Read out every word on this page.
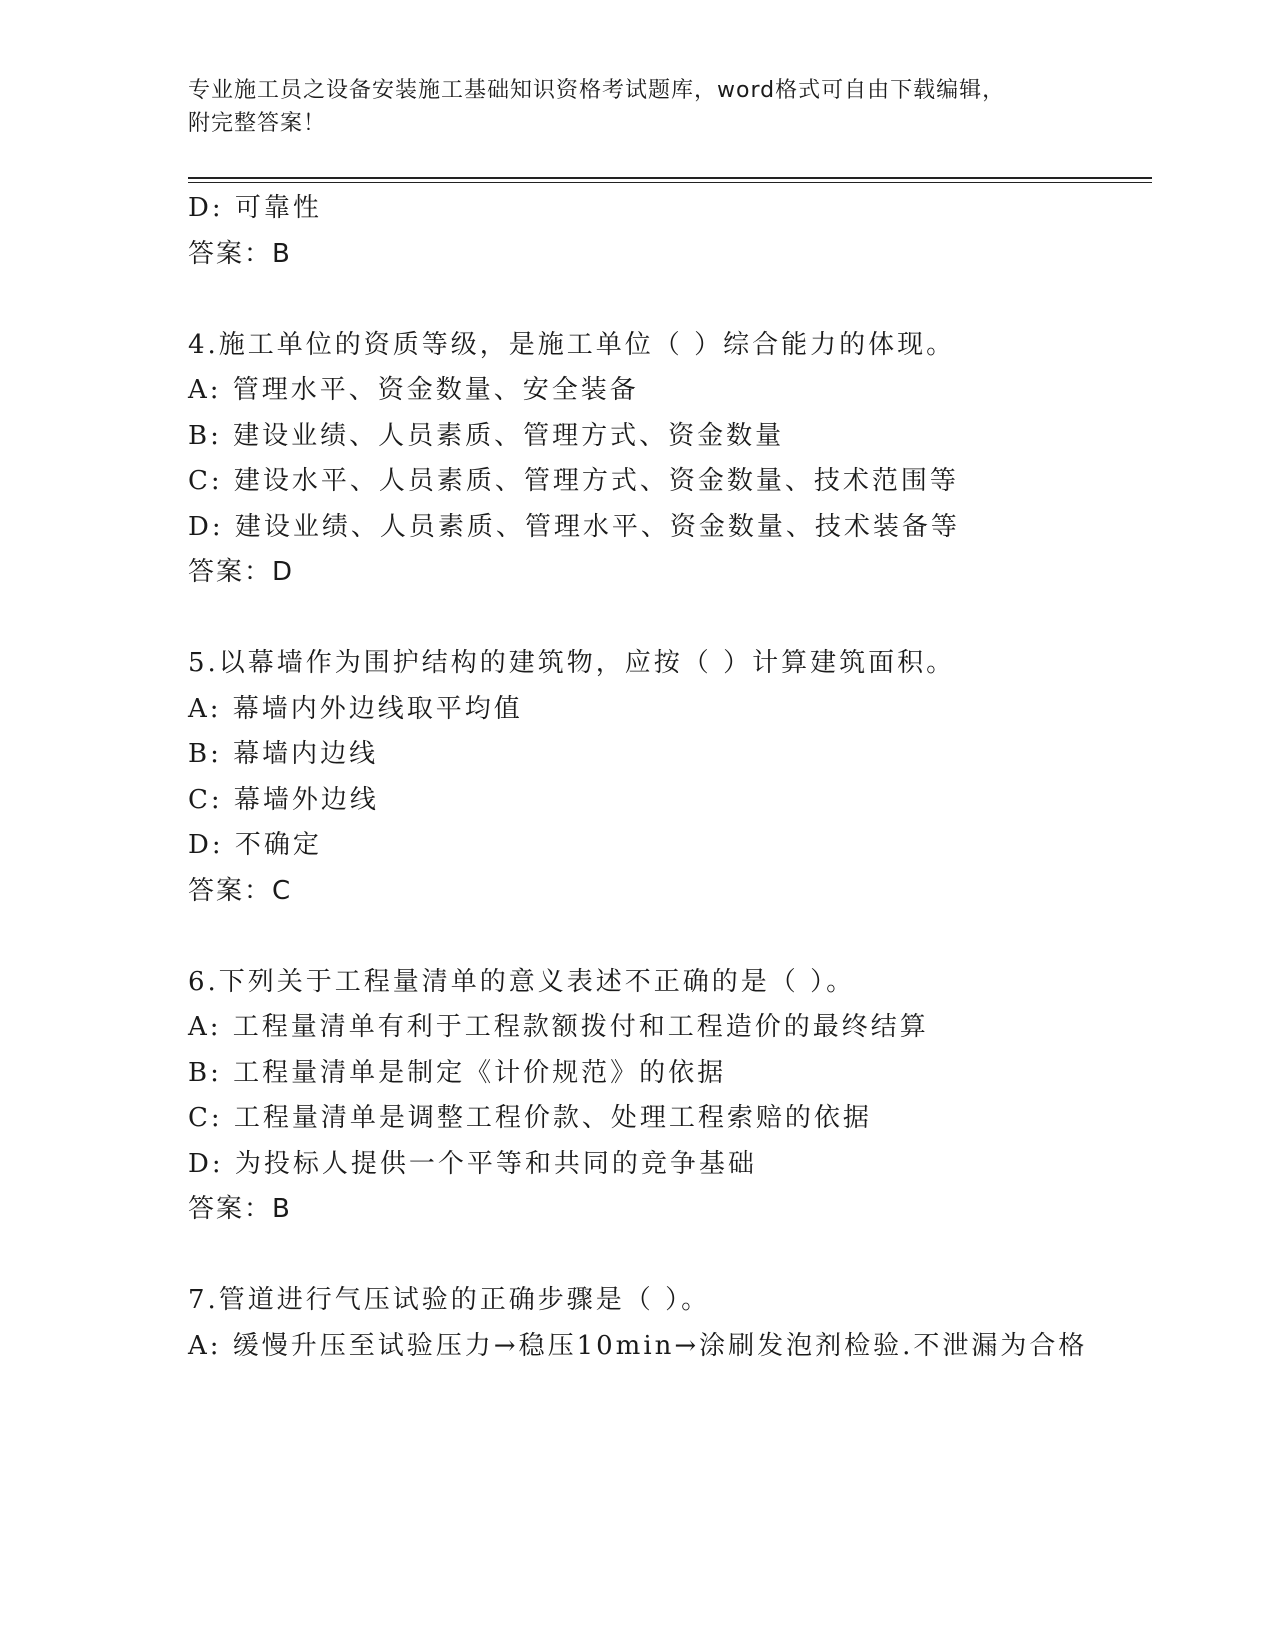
专业施工员之设备安装施工基础知识资格考试题库，word格式可自由下载编辑，
附完整答案！
D: 可靠性
答案：B
4.施工单位的资质等级，是施工单位（ ）综合能力的体现。
A: 管理水平、资金数量、安全装备
B: 建设业绩、人员素质、管理方式、资金数量
C: 建设水平、人员素质、管理方式、资金数量、技术范围等
D: 建设业绩、人员素质、管理水平、资金数量、技术装备等
答案：D
5.以幕墙作为围护结构的建筑物，应按（ ）计算建筑面积。
A: 幕墙内外边线取平均值
B: 幕墙内边线
C: 幕墙外边线
D: 不确定
答案：C
6.下列关于工程量清单的意义表述不正确的是（ ）。
A: 工程量清单有利于工程款额拨付和工程造价的最终结算
B: 工程量清单是制定《计价规范》的依据
C: 工程量清单是调整工程价款、处理工程索赔的依据
D: 为投标人提供一个平等和共同的竞争基础
答案：B
7.管道进行气压试验的正确步骤是（ ）。
A: 缓慢升压至试验压力→稳压10min→涂刷发泡剂检验.不泄漏为合格
